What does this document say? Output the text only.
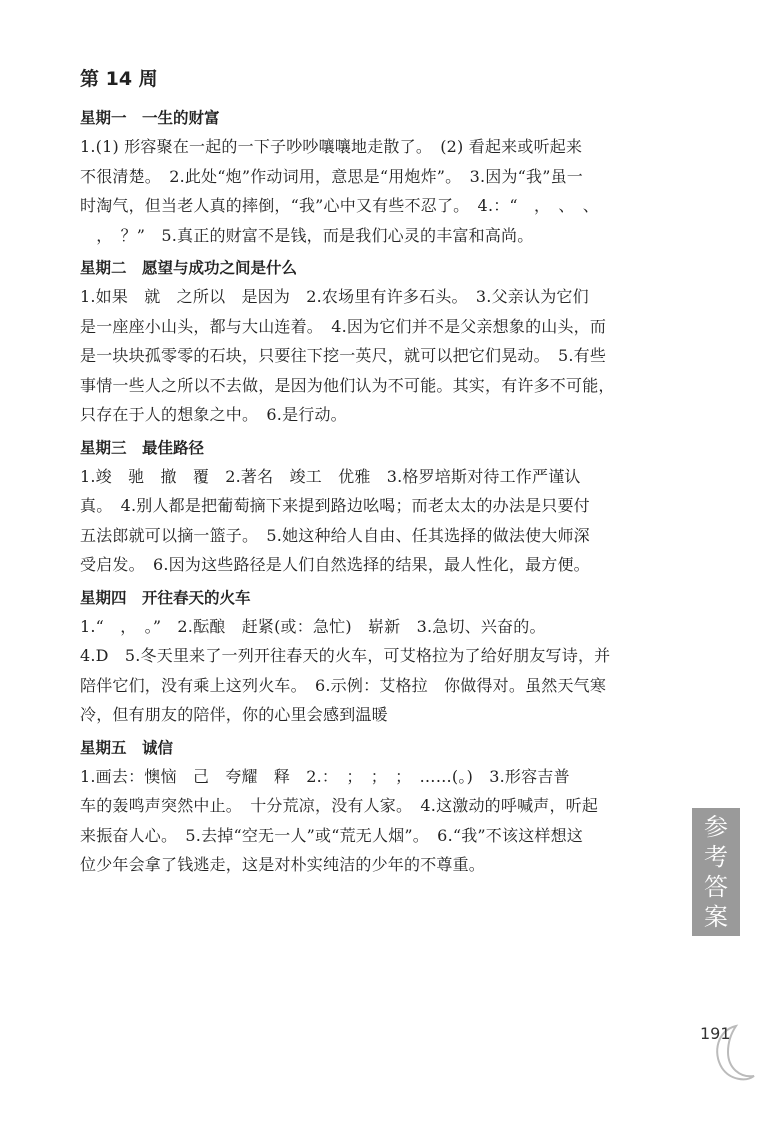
第 14 周
星期一　一生的财富
1.(1) 形容聚在一起的一下子吵吵嚷嚷地走散了。　(2) 看起来或听起来
不很清楚。　2.此处“炮”作动词用，意思是“用炮炸”。　3.因为“我”虽一
时淘气，但当老人真的摔倒，“我”心中又有些不忍了。　4.：“　，　、　、
　，　？”　5.真正的财富不是钱，而是我们心灵的丰富和高尚。
星期二　愿望与成功之间是什么
1.如果　就　之所以　是因为　2.农场里有许多石头。　3.父亲认为它们
是一座座小山头，都与大山连着。　4.因为它们并不是父亲想象的山头，而
是一块块孤零零的石块，只要往下挖一英尺，就可以把它们晃动。　5.有些
事情一些人之所以不去做，是因为他们认为不可能。其实，有许多不可能，
只存在于人的想象之中。　6.是行动。
星期三　最佳路径
1.竣　驰　撤　覆　2.著名　竣工　优雅　3.格罗培斯对待工作严谨认
真。　4.别人都是把葡萄摘下来提到路边吆喝；而老太太的办法是只要付
五法郎就可以摘一篮子。　5.她这种给人自由、任其选择的做法使大师深
受启发。　6.因为这些路径是人们自然选择的结果，最人性化，最方便。
星期四　开往春天的火车
1.“　，　。”　2.酝酿　赶紧(或：急忙)　崭新　3.急切、兴奋的。
4.D　5.冬天里来了一列开往春天的火车，可艾格拉为了给好朋友写诗，并
陪伴它们，没有乘上这列火车。　6.示例：艾格拉　你做得对。虽然天气寒
冷，但有朋友的陪伴，你的心里会感到温暖
星期五　诚信
1.画去：懊恼　己　夸耀　释　2.：　；　；　；　……(。)　3.形容吉普
车的轰鸣声突然中止。　十分荒凉，没有人家。　4.这激动的呼喊声，听起
来振奋人心。　5.去掉“空无一人”或“荒无人烟”。　6.“我”不该这样想这
位少年会拿了钱逃走，这是对朴实纯洁的少年的不尊重。
参
考
答
案
191
